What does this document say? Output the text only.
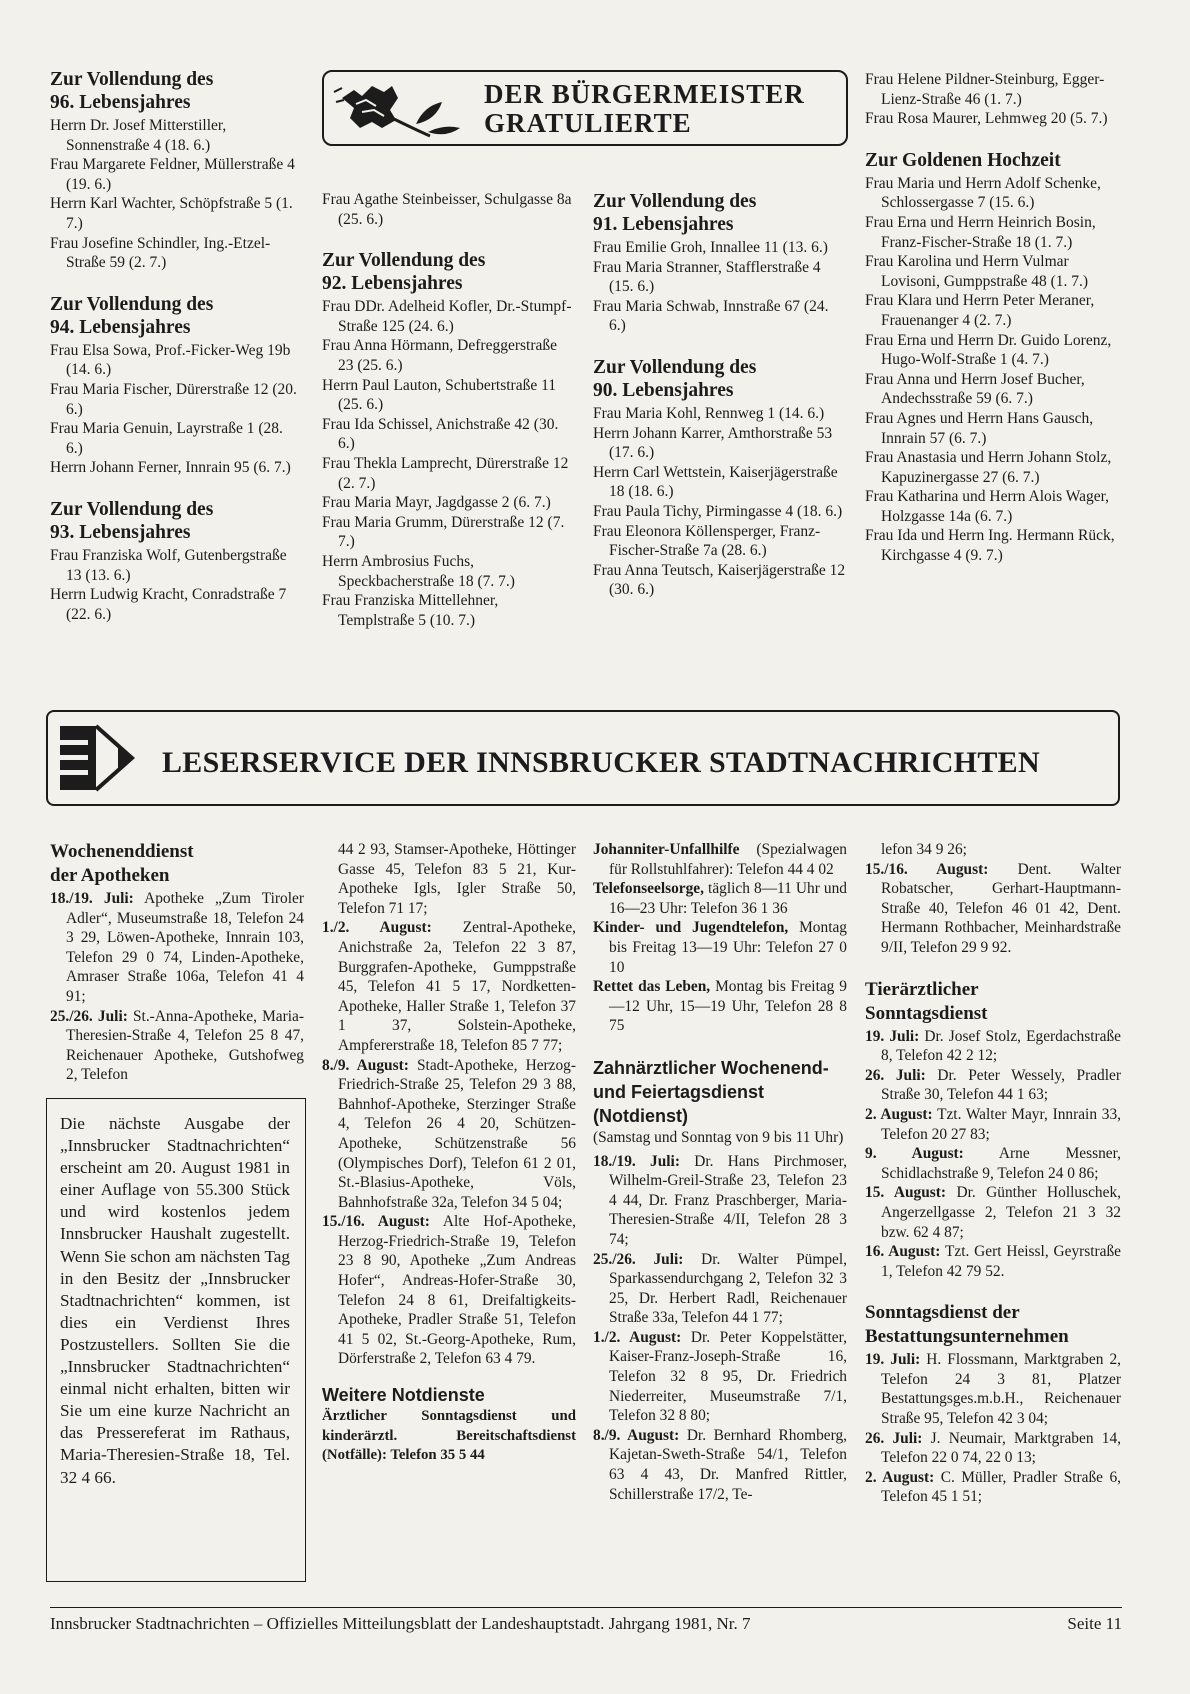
Zur Vollendung des
96. Lebensjahres

Herrn Dr. Josef Mitterstiller, Sonnenstraße 4 (18. 6.)

Frau Margarete Feldner, Müllerstraße 4 (19. 6.)

Herrn Karl Wachter, Schöpfstraße 5 (1. 7.)

Frau Josefine Schindler, Ing.-Etzel-Straße 59 (2. 7.)

Zur Vollendung des
94. Lebensjahres

Frau Elsa Sowa, Prof.-Ficker-Weg 19b (14. 6.)

Frau Maria Fischer, Dürerstraße 12 (20. 6.)

Frau Maria Genuin, Layrstraße 1 (28. 6.)

Herrn Johann Ferner, Innrain 95 (6. 7.)

Zur Vollendung des
93. Lebensjahres

Frau Franziska Wolf, Gutenbergstraße 13 (13. 6.)

Herrn Ludwig Kracht, Conradstraße 7 (22. 6.)

DER BÜRGERMEISTER
GRATULIERTE

Frau Agathe Steinbeisser, Schulgasse 8a (25. 6.)

Zur Vollendung des
92. Lebensjahres

Frau DDr. Adelheid Kofler, Dr.-Stumpf-Straße 125 (24. 6.)

Frau Anna Hörmann, Defreggerstraße 23 (25. 6.)

Herrn Paul Lauton, Schubertstraße 11 (25. 6.)

Frau Ida Schissel, Anichstraße 42 (30. 6.)

Frau Thekla Lamprecht, Dürerstraße 12 (2. 7.)

Frau Maria Mayr, Jagdgasse 2 (6. 7.)

Frau Maria Grumm, Dürerstraße 12 (7. 7.)

Herrn Ambrosius Fuchs, Speckbacherstraße 18 (7. 7.)

Frau Franziska Mittellehner, Templstraße 5 (10. 7.)

Zur Vollendung des
91. Lebensjahres

Frau Emilie Groh, Innallee 11 (13. 6.)

Frau Maria Stranner, Stafflerstraße 4 (15. 6.)

Frau Maria Schwab, Innstraße 67 (24. 6.)

Zur Vollendung des
90. Lebensjahres

Frau Maria Kohl, Rennweg 1 (14. 6.)

Herrn Johann Karrer, Amthorstraße 53 (17. 6.)

Herrn Carl Wettstein, Kaiserjägerstraße 18 (18. 6.)

Frau Paula Tichy, Pirmingasse 4 (18. 6.)

Frau Eleonora Köllensperger, Franz-Fischer-Straße 7a (28. 6.)

Frau Anna Teutsch, Kaiserjägerstraße 12 (30. 6.)

Frau Helene Pildner-Steinburg, Egger-Lienz-Straße 46 (1. 7.)

Frau Rosa Maurer, Lehmweg 20 (5. 7.)

Zur Goldenen Hochzeit

Frau Maria und Herrn Adolf Schenke, Schlossergasse 7 (15. 6.)

Frau Erna und Herrn Heinrich Bosin, Franz-Fischer-Straße 18 (1. 7.)

Frau Karolina und Herrn Vulmar Lovisoni, Gumppstraße 48 (1. 7.)

Frau Klara und Herrn Peter Meraner, Frauenanger 4 (2. 7.)

Frau Erna und Herrn Dr. Guido Lorenz, Hugo-Wolf-Straße 1 (4. 7.)

Frau Anna und Herrn Josef Bucher, Andechsstraße 59 (6. 7.)

Frau Agnes und Herrn Hans Gausch, Innrain 57 (6. 7.)

Frau Anastasia und Herrn Johann Stolz, Kapuzinergasse 27 (6. 7.)

Frau Katharina und Herrn Alois Wager, Holzgasse 14a (6. 7.)

Frau Ida und Herrn Ing. Hermann Rück, Kirchgasse 4 (9. 7.)

LESERSERVICE DER INNSBRUCKER STADTNACHRICHTEN
Wochenenddienst
der Apotheken

18./19. Juli: Apotheke „Zum Tiroler Adler“, Museumstraße 18, Telefon 24 3 29, Löwen-Apotheke, Innrain 103, Telefon 29 0 74, Linden-Apotheke, Amraser Straße 106a, Telefon 41 4 91;

25./26. Juli: St.-Anna-Apotheke, Maria-Theresien-Straße 4, Telefon 25 8 47, Reichenauer Apotheke, Gutshofweg 2, Telefon

Die nächste Ausgabe der „Innsbrucker Stadtnachrichten“ erscheint am 20. August 1981 in einer Auflage von 55.300 Stück und wird kostenlos jedem Innsbrucker Haushalt zugestellt. Wenn Sie schon am nächsten Tag in den Besitz der „Innsbrucker Stadtnachrichten“ kommen, ist dies ein Verdienst Ihres Postzustellers. Sollten Sie die „Innsbrucker Stadtnachrichten“ einmal nicht erhalten, bitten wir Sie um eine kurze Nachricht an das Pressereferat im Rathaus, Maria-Theresien-Straße 18, Tel. 32 4 66.

44 2 93, Stamser-Apotheke, Höttinger Gasse 45, Telefon 83 5 21, Kur-Apotheke Igls, Igler Straße 50, Telefon 71 17;

1./2. August: Zentral-Apotheke, Anichstraße 2a, Telefon 22 3 87, Burggrafen-Apotheke, Gumppstraße 45, Telefon 41 5 17, Nordketten-Apotheke, Haller Straße 1, Telefon 37 1 37, Solstein-Apotheke, Ampfererstraße 18, Telefon 85 7 77;

8./9. August: Stadt-Apotheke, Herzog-Friedrich-Straße 25, Telefon 29 3 88, Bahnhof-Apotheke, Sterzinger Straße 4, Telefon 26 4 20, Schützen-Apotheke, Schützenstraße 56 (Olympisches Dorf), Telefon 61 2 01, St.-Blasius-Apotheke, Völs, Bahnhofstraße 32a, Telefon 34 5 04;

15./16. August: Alte Hof-Apotheke, Herzog-Friedrich-Straße 19, Telefon 23 8 90, Apotheke „Zum Andreas Hofer“, Andreas-Hofer-Straße 30, Telefon 24 8 61, Dreifaltigkeits-Apotheke, Pradler Straße 51, Telefon 41 5 02, St.-Georg-Apotheke, Rum, Dörferstraße 2, Telefon 63 4 79.

Weitere Notdienste

Ärztlicher Sonntagsdienst und kinderärztl. Bereitschaftsdienst (Notfälle): Telefon 35 5 44

Johanniter-Unfallhilfe (Spezialwagen für Rollstuhlfahrer): Telefon 44 4 02

Telefonseelsorge, täglich 8—11 Uhr und 16—23 Uhr: Telefon 36 1 36

Kinder- und Jugendtelefon, Montag bis Freitag 13—19 Uhr: Telefon 27 0 10

Rettet das Leben, Montag bis Freitag 9—12 Uhr, 15—19 Uhr, Telefon 28 8 75

Zahnärztlicher Wochenend-
und Feiertagsdienst
(Notdienst)

(Samstag und Sonntag von 9 bis 11 Uhr)

18./19. Juli: Dr. Hans Pirchmoser, Wilhelm-Greil-Straße 23, Telefon 23 4 44, Dr. Franz Praschberger, Maria-Theresien-Straße 4/II, Telefon 28 3 74;

25./26. Juli: Dr. Walter Pümpel, Sparkassendurchgang 2, Telefon 32 3 25, Dr. Herbert Radl, Reichenauer Straße 33a, Telefon 44 1 77;

1./2. August: Dr. Peter Koppelstätter, Kaiser-Franz-Joseph-Straße 16, Telefon 32 8 95, Dr. Friedrich Niederreiter, Museumstraße 7/1, Telefon 32 8 80;

8./9. August: Dr. Bernhard Rhomberg, Kajetan-Sweth-Straße 54/1, Telefon 63 4 43, Dr. Manfred Rittler, Schillerstraße 17/2, Te-

lefon 34 9 26;

15./16. August: Dent. Walter Robatscher, Gerhart-Hauptmann-Straße 40, Telefon 46 01 42, Dent. Hermann Rothbacher, Meinhardstraße 9/II, Telefon 29 9 92.

Tierärztlicher
Sonntagsdienst

19. Juli: Dr. Josef Stolz, Egerdachstraße 8, Telefon 42 2 12;

26. Juli: Dr. Peter Wessely, Pradler Straße 30, Telefon 44 1 63;

2. August: Tzt. Walter Mayr, Innrain 33, Telefon 20 27 83;

9. August: Arne Messner, Schidlachstraße 9, Telefon 24 0 86;

15. August: Dr. Günther Holluschek, Angerzellgasse 2, Telefon 21 3 32 bzw. 62 4 87;

16. August: Tzt. Gert Heissl, Geyrstraße 1, Telefon 42 79 52.

Sonntagsdienst der
Bestattungsunternehmen

19. Juli: H. Flossmann, Marktgraben 2, Telefon 24 3 81, Platzer Bestattungsges.m.b.H., Reichenauer Straße 95, Telefon 42 3 04;

26. Juli: J. Neumair, Marktgraben 14, Telefon 22 0 74, 22 0 13;

2. August: C. Müller, Pradler Straße 6, Telefon 45 1 51;

Innsbrucker Stadtnachrichten – Offizielles Mitteilungsblatt der Landeshauptstadt. Jahrgang 1981, Nr. 7	Seite 11
